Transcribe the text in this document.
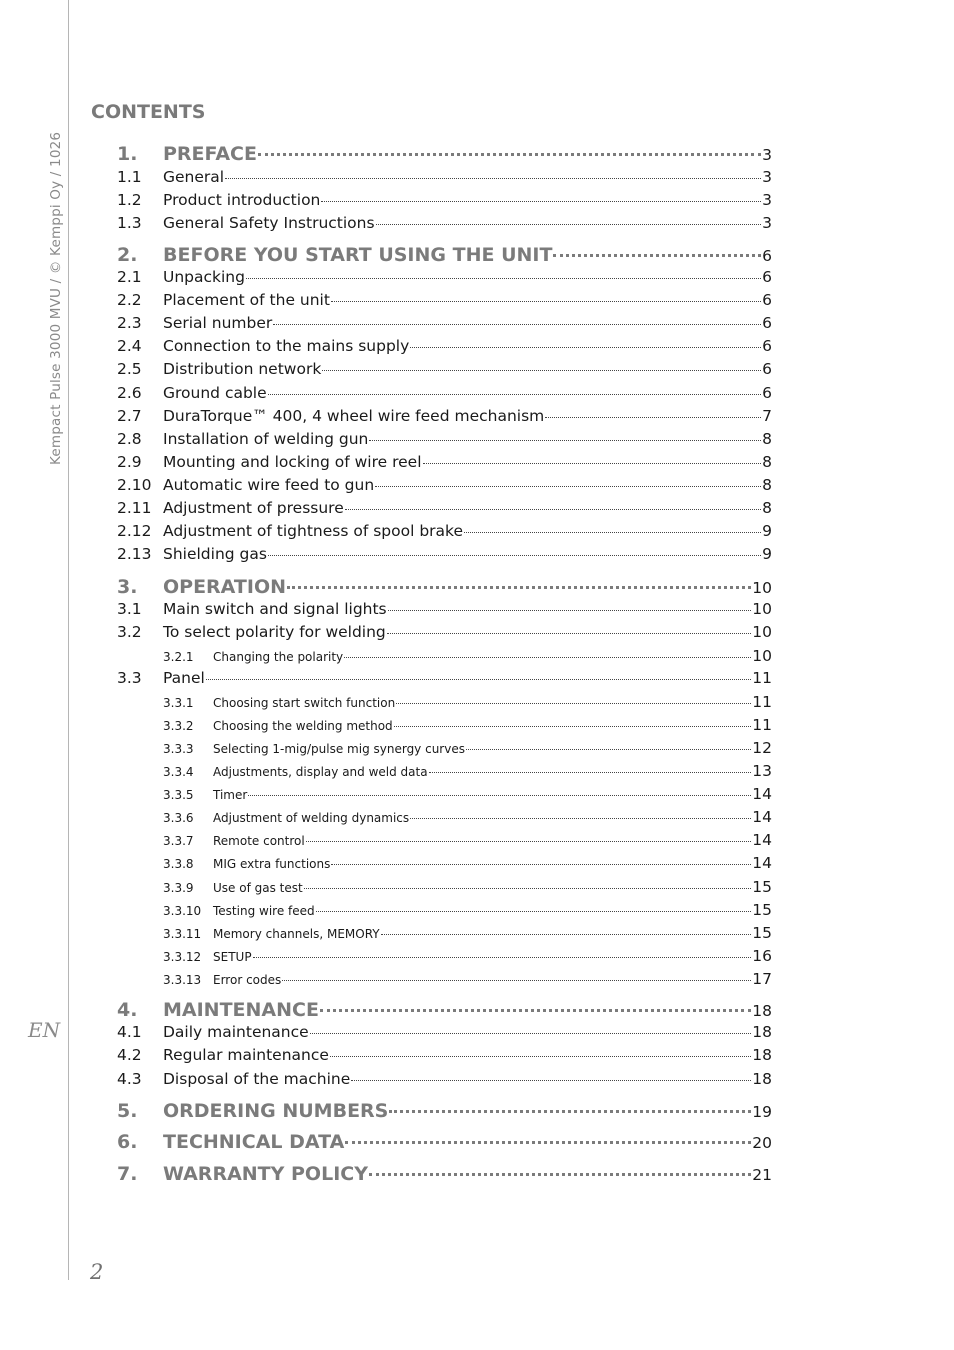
Kempact Pulse 3000 MVU / © Kemppi Oy / 1026
EN
2
CONTENTS
1.	PREFACE	3
1.1	General	3
1.2	Product introduction	3
1.3	General Safety Instructions	3
2.	BEFORE YOU START USING THE UNIT	6
2.1	Unpacking	6
2.2	Placement of the unit	6
2.3	Serial number	6
2.4	Connection to the mains supply	6
2.5	Distribution network	6
2.6	Ground cable	6
2.7	DuraTorque™ 400, 4 wheel wire feed mechanism	7
2.8	Installation of welding gun	8
2.9	Mounting and locking of wire reel	8
2.10 Automatic wire feed to gun	8
2.11 Adjustment of pressure	8
2.12 Adjustment of tightness of spool brake	9
2.13 Shielding gas	9
3.	OPERATION	10
3.1	Main switch and signal lights	10
3.2	To select polarity for welding	10
3.2.1	Changing the polarity	10
3.3	Panel	11
3.3.1	Choosing start switch function	11
3.3.2	Choosing the welding method	11
3.3.3	Selecting 1-mig/pulse mig synergy curves	12
3.3.4	Adjustments, display and weld data	13
3.3.5	Timer	14
3.3.6	Adjustment of welding dynamics	14
3.3.7	Remote control	14
3.3.8	MIG extra functions	14
3.3.9	Use of gas test	15
3.3.10 Testing wire feed	15
3.3.11 Memory channels, MEMORY	15
3.3.12 SETUP	16
3.3.13 Error codes	17
4.	MAINTENANCE	18
4.1	Daily maintenance	18
4.2	Regular maintenance	18
4.3	Disposal of the machine	18
5.	ORDERING NUMBERS	19
6.	TECHNICAL DATA	20
7.	WARRANTY POLICY	21
